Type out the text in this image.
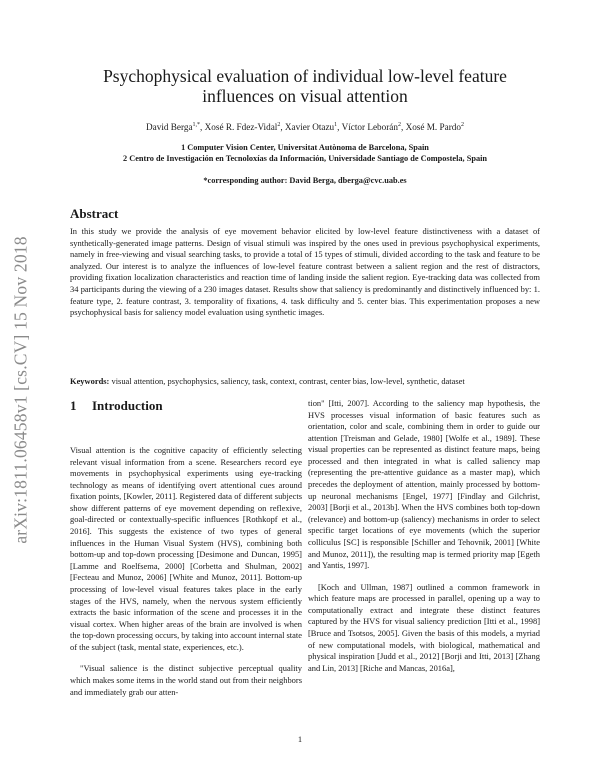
arXiv:1811.06458v1 [cs.CV] 15 Nov 2018
Psychophysical evaluation of individual low-level feature
influences on visual attention
David Berga$^{1,*}$, Xosé R. Fdez-Vidal$^2$, Xavier Otazu$^1$, Víctor Leborán$^2$, Xosé M. Pardo$^2$
1 Computer Vision Center, Universitat Autònoma de Barcelona, Spain
2 Centro de Investigación en Tecnoloxías da Información, Universidade Santiago de Compostela, Spain
*corresponding author: David Berga, dberga@cvc.uab.es
Abstract
In this study we provide the analysis of eye movement behavior elicited by low-level feature distinctiveness with a dataset of synthetically-generated image patterns. Design of visual stimuli was inspired by the ones used in previous psychophysical experiments, namely in free-viewing and visual searching tasks, to provide a total of 15 types of stimuli, divided according to the task and feature to be analyzed. Our interest is to analyze the influences of low-level feature contrast between a salient region and the rest of distractors, providing fixation localization characteristics and reaction time of landing inside the salient region. Eye-tracking data was collected from 34 participants during the viewing of a 230 images dataset. Results show that saliency is predominantly and distinctively influenced by: 1. feature type, 2. feature contrast, 3. temporality of fixations, 4. task difficulty and 5. center bias. This experimentation proposes a new psychophysical basis for saliency model evaluation using synthetic images.
Keywords: visual attention, psychophysics, saliency, task, context, contrast, center bias, low-level, synthetic, dataset
1 Introduction

Visual attention is the cognitive capacity of efficiently selecting relevant visual information from a scene. Researchers record eye movements in psychophysical experiments using eye-tracking technology as means of identifying overt attentional cues around fixation points, [Kowler, 2011]. Registered data of different subjects show different patterns of eye movement depending on reflexive, goal-directed or contextually-specific influences [Rothkopf et al., 2016]. This suggests the existence of two types of general influences in the Human Visual System (HVS), combining both bottom-up and top-down processing [Desimone and Duncan, 1995] [Lamme and Roelfsema, 2000] [Corbetta and Shulman, 2002] [Fecteau and Munoz, 2006] [White and Munoz, 2011]. Bottom-up processing of low-level visual features takes place in the early stages of the HVS, namely, when the nervous system efficiently extracts the basic information of the scene and processes it in the visual cortex. When higher areas of the brain are involved is when the top-down processing occurs, by taking into account internal state of the subject (task, mental state, experiences, etc.).

"Visual salience is the distinct subjective perceptual quality which makes some items in the world stand out from their neighbors and immediately grab our atten-

tion" [Itti, 2007]. According to the saliency map hypothesis, the HVS processes visual information of basic features such as orientation, color and scale, combining them in order to guide our attention [Treisman and Gelade, 1980] [Wolfe et al., 1989]. These visual properties can be represented as distinct feature maps, being processed and then integrated in what is called saliency map (representing the pre-attentive guidance as a master map), which precedes the deployment of attention, mainly processed by bottom-up neuronal mechanisms [Engel, 1977] [Findlay and Gilchrist, 2003] [Borji et al., 2013b]. When the HVS combines both top-down (relevance) and bottom-up (saliency) mechanisms in order to select specific target locations of eye movements (which the superior colliculus [SC] is responsible [Schiller and Tehovnik, 2001] [White and Munoz, 2011]), the resulting map is termed priority map [Egeth and Yantis, 1997].

[Koch and Ullman, 1987] outlined a common framework in which feature maps are processed in parallel, opening up a way to computationally extract and integrate these distinct features captured by the HVS for visual saliency prediction [Itti et al., 1998] [Bruce and Tsotsos, 2005]. Given the basis of this models, a myriad of new computational models, with biological, mathematical and physical inspiration [Judd et al., 2012] [Borji and Itti, 2013] [Zhang and Lin, 2013] [Riche and Mancas, 2016a],

1
